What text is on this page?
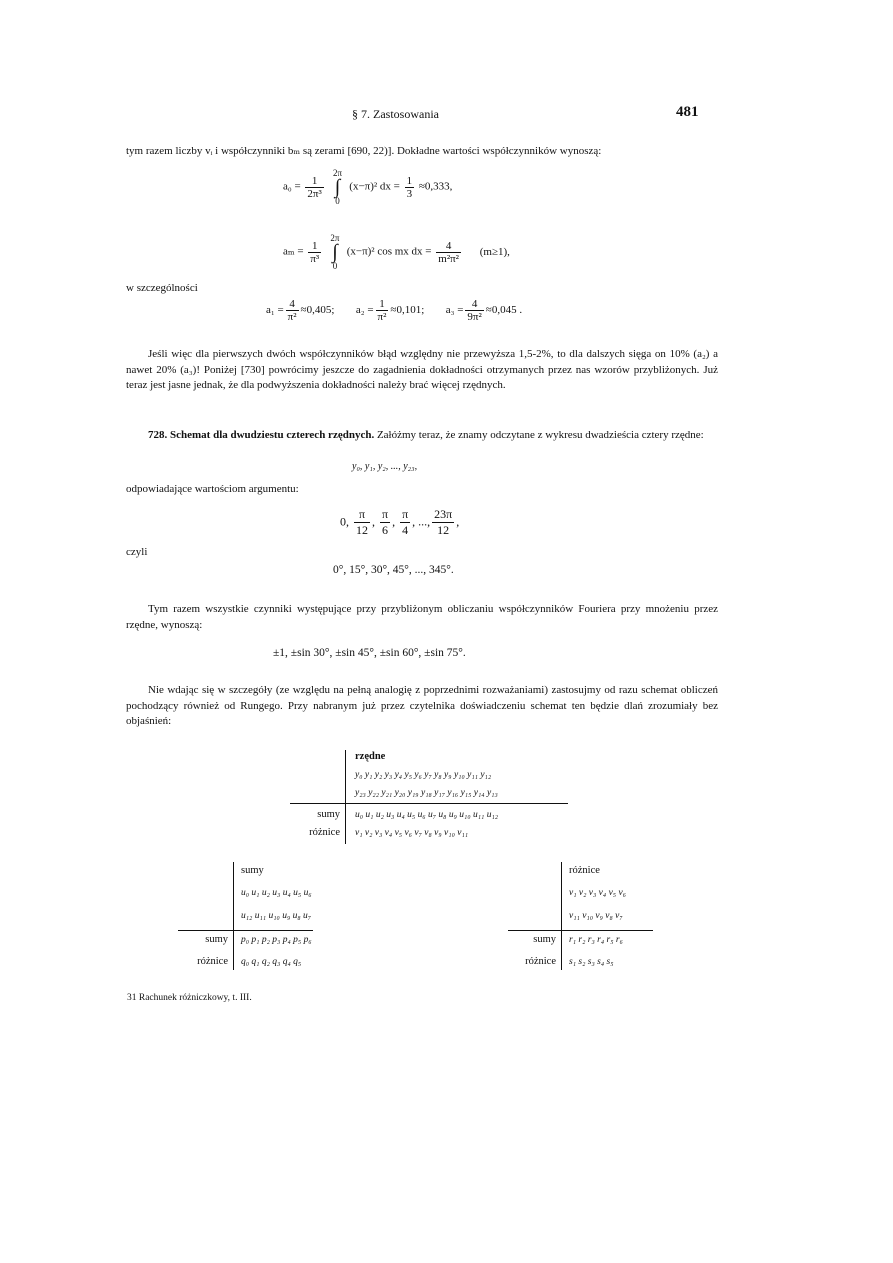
§ 7. Zastosowania	481
tym razem liczby vᵢ i współczynniki bₘ są zerami [690, 22)]. Dokładne wartości współczynników wynoszą:
$a_0 = \frac{1}{\text{2π³}}$

2π
∫
0
(x−π)² dx = $\frac{1}{3} \approx 0,333$,
$a_m = \frac{1}{\text{π³}}$

2π
∫
0
(x−π)² cos mx dx = $\frac{4}{\text{m²π²}} (m\ge 1)$,
w szczególności
$a_1 = \frac{4}{\text{π²}} \approx 0,405$; $a_2 = \frac{1}{\text{π²}} \approx 0,101$; $a_3 = \frac{4}{\text{9π²}} \approx 0,045$ .
Jeśli więc dla pierwszych dwóch współczynników błąd względny nie przewyższa 1,5-2%, to dla dalszych sięga on 10% (a₂) a nawet 20% (a₃)! Poniżej [730] powrócimy jeszcze do zagadnienia dokładności otrzymanych przez nas wzorów przybliżonych. Już teraz jest jasne jednak, że dla podwyższenia dokładności należy brać więcej rzędnych.
728. Schemat dla dwudziestu czterech rzędnych. Załóżmy teraz, że znamy odczytane z wykresu dwadzieścia cztery rzędne:
y₀, y₁, y₂, ..., y₂₃,
odpowiadające wartościom argumentu:
0, $\frac{\pi}{12}$ , $\frac{\pi}{6}$ , $\frac{\pi}{4}$ , ..., $\frac{23\pi}{12}$ ,
czyli
0°, 15°, 30°, 45°, ..., 345°.
Tym razem wszystkie czynniki występujące przy przybliżonym obliczaniu współczynników Fouriera przy mnożeniu przez rzędne, wynoszą:
±1, ±sin 30°, ±sin 45°, ±sin 60°, ±sin 75°.
Nie wdając się w szczegóły (ze względu na pełną analogię z poprzednimi rozważaniami) zastosujmy od razu schemat obliczeń pochodzący również od Rungego. Przy nabranym już przez czytelnika doświadczeniu schemat ten będzie dlań zrozumiały bez objaśnień:
rzędne
y₀ y₁ y₂ y₃ y₄ y₅ y₆ y₇ y₈ y₉ y₁₀ y₁₁ y₁₂
y₂₃ y₂₂ y₂₁ y₂₀ y₁₉ y₁₈ y₁₇ y₁₆ y₁₅ y₁₄ y₁₃
sumy u₀ u₁ u₂ u₃ u₄ u₅ u₆ u₇ u₈ u₉ u₁₀ u₁₁ u₁₂
różnice v₁ v₂ v₃ v₄ v₅ v₆ v₇ v₈ v₉ v₁₀ v₁₁
sumy
u₀ u₁ u₂ u₃ u₄ u₅ u₆
u₁₂ u₁₁ u₁₀ u₉ u₈ u₇
sumy p₀ p₁ p₂ p₃ p₄ p₅ p₆
różnice q₀ q₁ q₂ q₃ q₄ q₅
różnice
v₁ v₂ v₃ v₄ v₅ v₆
v₁₁ v₁₀ v₉ v₈ v₇
sumy r₁ r₂ r₃ r₄ r₅ r₆
różnice s₁ s₂ s₃ s₄ s₅
31 Rachunek różniczkowy, t. III.
